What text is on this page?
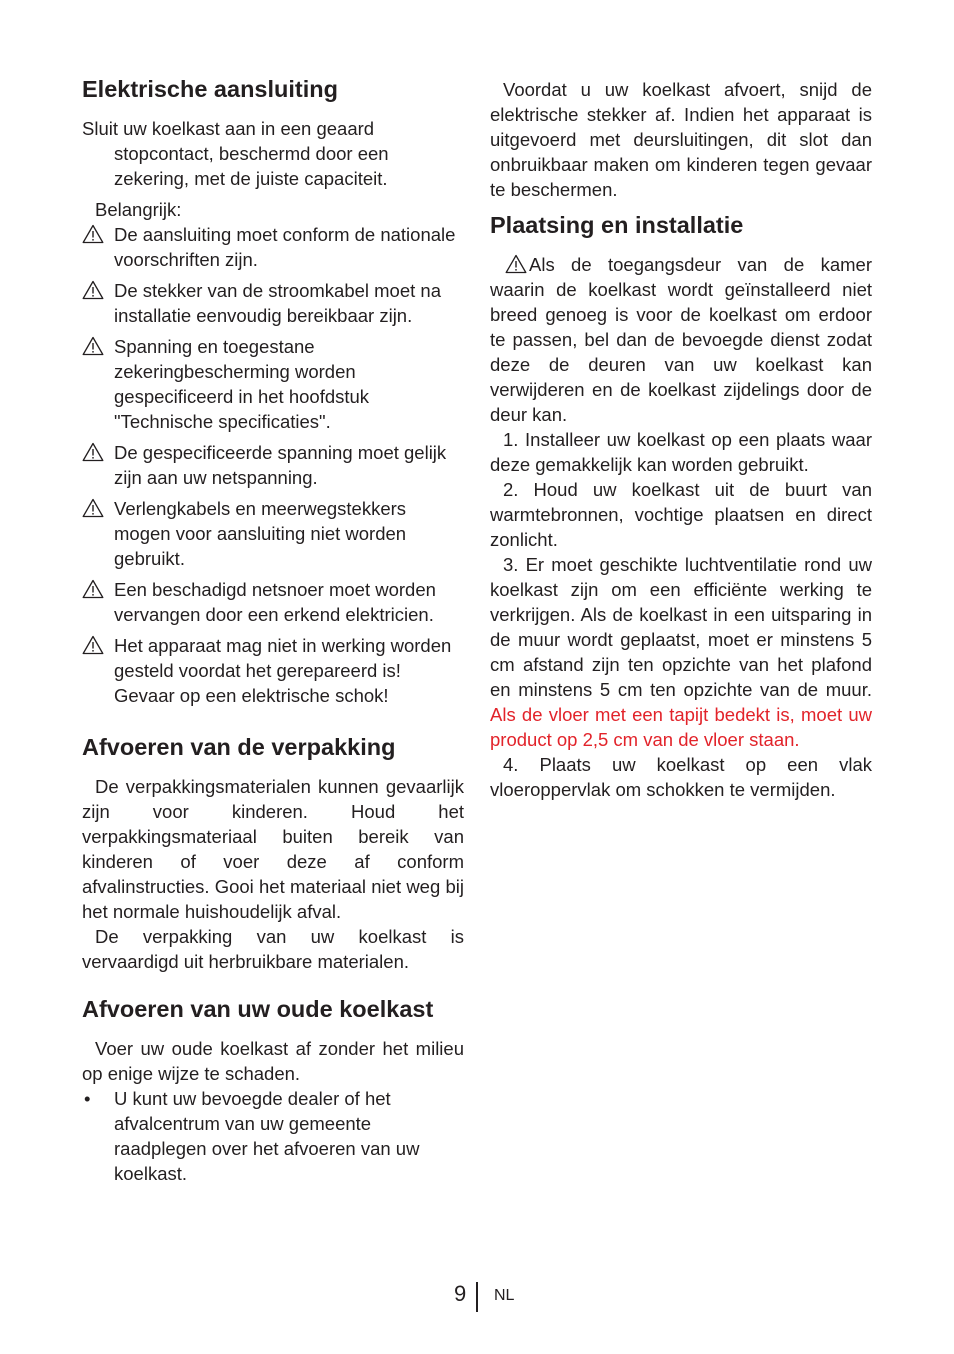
Elektrische aansluiting

Sluit uw koelkast aan in een geaard stopcontact, beschermd door een zekering, met de juiste capaciteit.

Belangrijk:

De aansluiting moet conform de nationale voorschriften zijn.
De stekker van de stroomkabel moet na installatie eenvoudig bereikbaar zijn.
Spanning en toegestane zekeringbescherming worden gespecificeerd in het hoofdstuk "Technische specificaties".
De gespecificeerde spanning moet gelijk zijn aan uw netspanning.
Verlengkabels en meerwegstekkers mogen voor aansluiting niet worden gebruikt.
Een beschadigd netsnoer moet worden vervangen door een erkend elektricien.
Het apparaat mag niet in werking worden gesteld voordat het gerepareerd is! Gevaar op een elektrische schok!
Afvoeren van de verpakking

De verpakkingsmaterialen kunnen gevaarlijk zijn voor kinderen. Houd het verpakkingsmateriaal buiten bereik van kinderen of voer deze af conform afvalinstructies. Gooi het materiaal niet weg bij het normale huishoudelijk afval.

De verpakking van uw koelkast is vervaardigd uit herbruikbare materialen.

Afvoeren van uw oude koelkast

Voer uw oude koelkast af zonder het milieu op enige wijze te schaden.

• U kunt uw bevoegde dealer of het afvalcentrum van uw gemeente raadplegen over het afvoeren van uw koelkast.

Voordat u uw koelkast afvoert, snijd de elektrische stekker af. Indien het apparaat is uitgevoerd met deursluitingen, dit slot dan onbruikbaar maken om kinderen tegen gevaar te beschermen.

Plaatsing en installatie

Als de toegangsdeur van de kamer waarin de koelkast wordt geïnstalleerd niet breed genoeg is voor de koelkast om erdoor te passen, bel dan de bevoegde dienst zodat deze de deuren van uw koelkast kan verwijderen en de koelkast zijdelings door de deur kan.

1. Installeer uw koelkast op een plaats waar deze gemakkelijk kan worden gebruikt.

2. Houd uw koelkast uit de buurt van warmtebronnen, vochtige plaatsen en direct zonlicht.

3. Er moet geschikte luchtventilatie rond uw koelkast zijn om een efficiënte werking te verkrijgen. Als de koelkast in een uitsparing in de muur wordt geplaatst, moet er minstens 5 cm afstand zijn ten opzichte van het plafond en minstens 5 cm ten opzichte van de muur. Als de vloer met een tapijt bedekt is, moet uw product op 2,5 cm van de vloer staan.

4. Plaats uw koelkast op een vlak vloeroppervlak om schokken te vermijden.

9 NL
